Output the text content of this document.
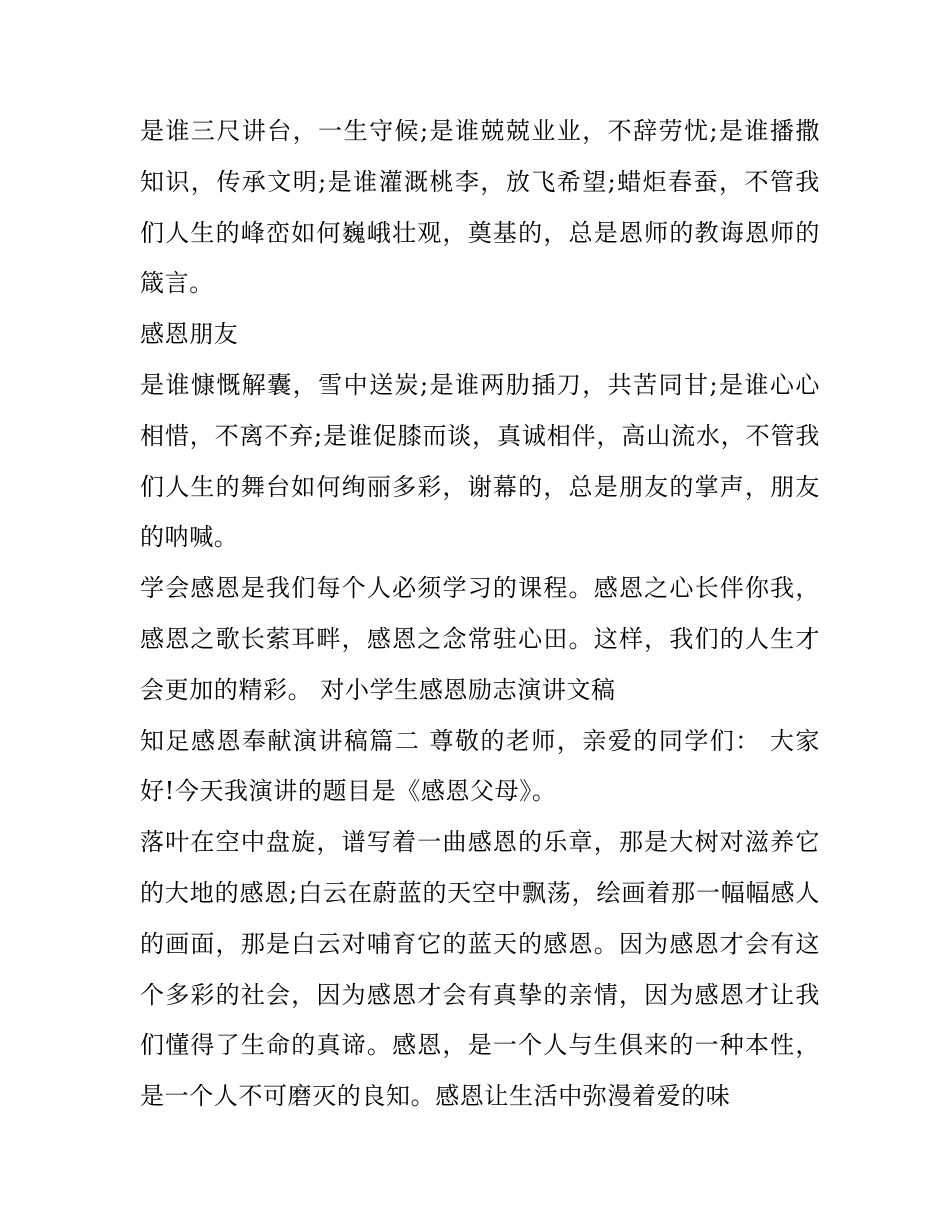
是谁三尺讲台，一生守候;是谁兢兢业业，不辞劳忧;是谁播撒知识，传承文明;是谁灌溉桃李，放飞希望;蜡炬春蚕，不管我们人生的峰峦如何巍峨壮观，奠基的，总是恩师的教诲恩师的箴言。

感恩朋友

是谁慷慨解囊，雪中送炭;是谁两肋插刀，共苦同甘;是谁心心相惜，不离不弃;是谁促膝而谈，真诚相伴，高山流水，不管我们人生的舞台如何绚丽多彩，谢幕的，总是朋友的掌声，朋友的呐喊。

学会感恩是我们每个人必须学习的课程。感恩之心长伴你我，感恩之歌长萦耳畔，感恩之念常驻心田。这样，我们的人生才会更加的精彩。 对小学生感恩励志演讲文稿

知足感恩奉献演讲稿篇二 尊敬的老师，亲爱的同学们： 大家好!今天我演讲的题目是《感恩父母》。

落叶在空中盘旋，谱写着一曲感恩的乐章，那是大树对滋养它的大地的感恩;白云在蔚蓝的天空中飘荡，绘画着那一幅幅感人的画面，那是白云对哺育它的蓝天的感恩。因为感恩才会有这个多彩的社会，因为感恩才会有真挚的亲情，因为感恩才让我们懂得了生命的真谛。感恩，是一个人与生俱来的一种本性，是一个人不可磨灭的良知。感恩让生活中弥漫着爱的味
